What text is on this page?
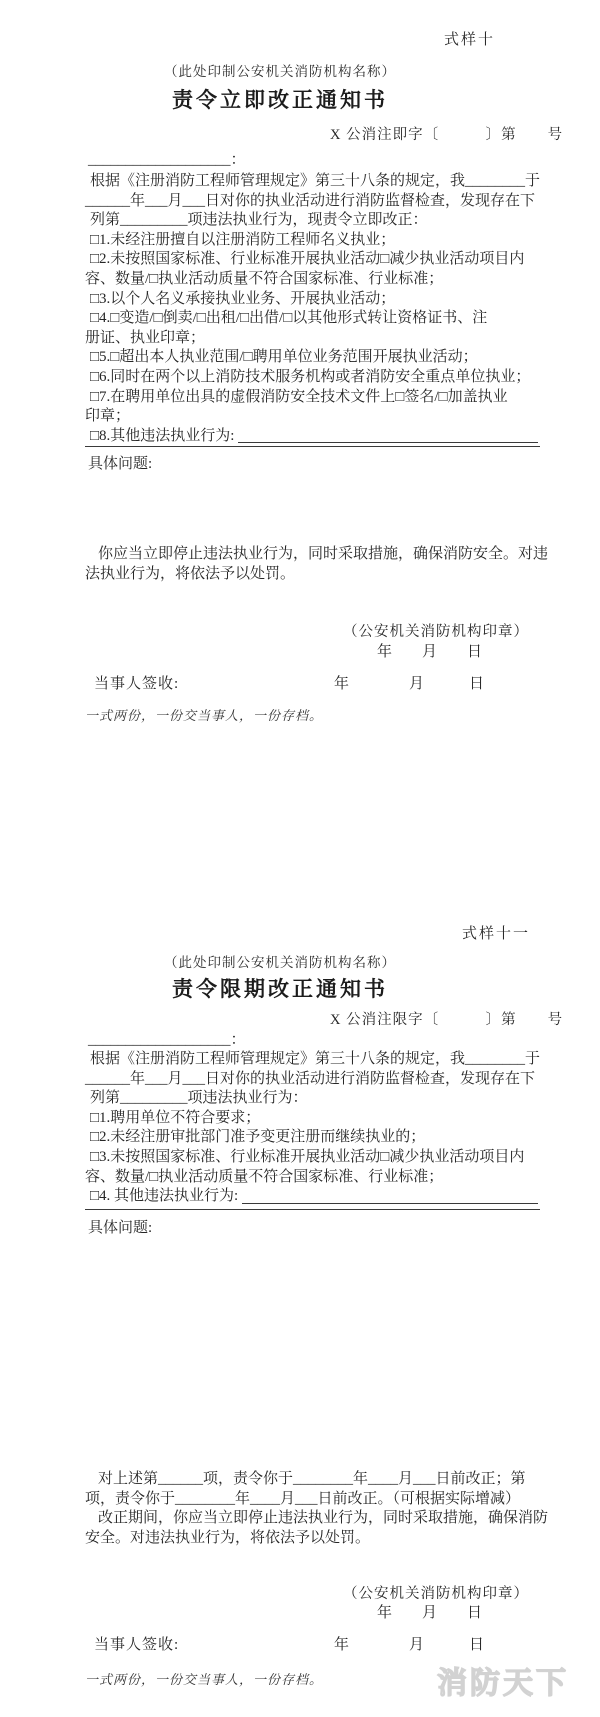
式样十
（此处印制公安机关消防机构名称）
责令立即改正通知书
X 公消注即字〔　　　〕第　　号
___________________：
根据《注册消防工程师管理规定》第三十八条的规定，我________于
______年___月___日对你的执业活动进行消防监督检查，发现存在下
列第_________项违法执业行为，现责令立即改正：
□1.未经注册擅自以注册消防工程师名义执业；
□2.未按照国家标准、行业标准开展执业活动□减少执业活动项目内
容、数量/□执业活动质量不符合国家标准、行业标准；
□3.以个人名义承接执业业务、开展执业活动；
□4.□变造/□倒卖/□出租/□出借/□以其他形式转让资格证书、注
册证、执业印章；
□5.□超出本人执业范围/□聘用单位业务范围开展执业活动；
□6.同时在两个以上消防技术服务机构或者消防安全重点单位执业；
□7.在聘用单位出具的虚假消防安全技术文件上□签名/□加盖执业
印章；
□8.其他违法执业行为:
具体问题:
你应当立即停止违法执业行为，同时采取措施，确保消防安全。对违
法执业行为，将依法予以处罚。
（公安机关消防机构印章）
年　　月　　日
当事人签收:	年　　　　月　　　日
一式两份，一份交当事人，一份存档。
式样十一
（此处印制公安机关消防机构名称）
责令限期改正通知书
X 公消注限字〔　　　〕第　　号
___________________：
根据《注册消防工程师管理规定》第三十八条的规定，我________于
______年___月___日对你的执业活动进行消防监督检查，发现存在下
列第_________项违法执业行为：
□1.聘用单位不符合要求；
□2.未经注册审批部门准予变更注册而继续执业的；
□3.未按照国家标准、行业标准开展执业活动□减少执业活动项目内
容、数量/□执业活动质量不符合国家标准、行业标准；
□4. 其他违法执业行为:
具体问题:
对上述第______项，责令你于________年____月___日前改正；第
项，责令你于________年____月___日前改正。（可根据实际增减）
改正期间，你应当立即停止违法执业行为，同时采取措施，确保消防
安全。对违法执业行为，将依法予以处罚。
（公安机关消防机构印章）
年　　月　　日
当事人签收:	年　　　　月　　　日
一式两份，一份交当事人，一份存档。	消防天下
